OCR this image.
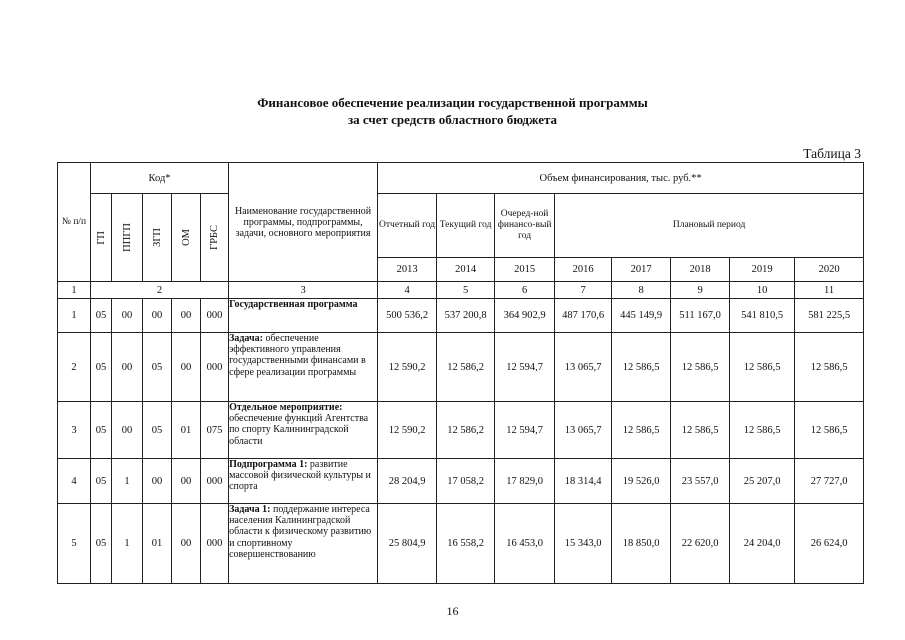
Финансовое обеспечение реализации государственной программы
за счет средств областного бюджета
Таблица 3
№ п/п	Код*					Наименование государственной программы, подпрограммы, задачи, основного мероприятия	Объем финансирования, тыс. руб.**							

	ГП	ППГП	ЗГП	ОМ	ГРБС		Отчетный год	Текущий год	Очеред-ной финансо-вый год	Плановый период				
							2013	2014	2015	2016	2017	2018	2019	2020
1	2					3	4	5	6	7	8	9	10	11
1	05	00	00	00	000	Государственная программа	500 536,2	537 200,8	364 902,9	487 170,6	445 149,9	511 167,0	541 810,5	581 225,5
2	05	00	05	00	000	Задача: обеспечение эффективного управления государственными финансами в сфере реализации программы	12 590,2	12 586,2	12 594,7	13 065,7	12 586,5	12 586,5	12 586,5	12 586,5
3	05	00	05	01	075	Отдельное мероприятие: обеспечение функций Агентства по спорту Калининградской области	12 590,2	12 586,2	12 594,7	13 065,7	12 586,5	12 586,5	12 586,5	12 586,5
4	05	1	00	00	000	Подпрограмма 1: развитие массовой физической культуры и спорта	28 204,9	17 058,2	17 829,0	18 314,4	19 526,0	23 557,0	25 207,0	27 727,0
5	05	1	01	00	000	Задача 1: поддержание интереса населения Калининградской области к физическому развитию и спортивному совершенствованию	25 804,9	16 558,2	16 453,0	15 343,0	18 850,0	22 620,0	24 204,0	26 624,0
16
